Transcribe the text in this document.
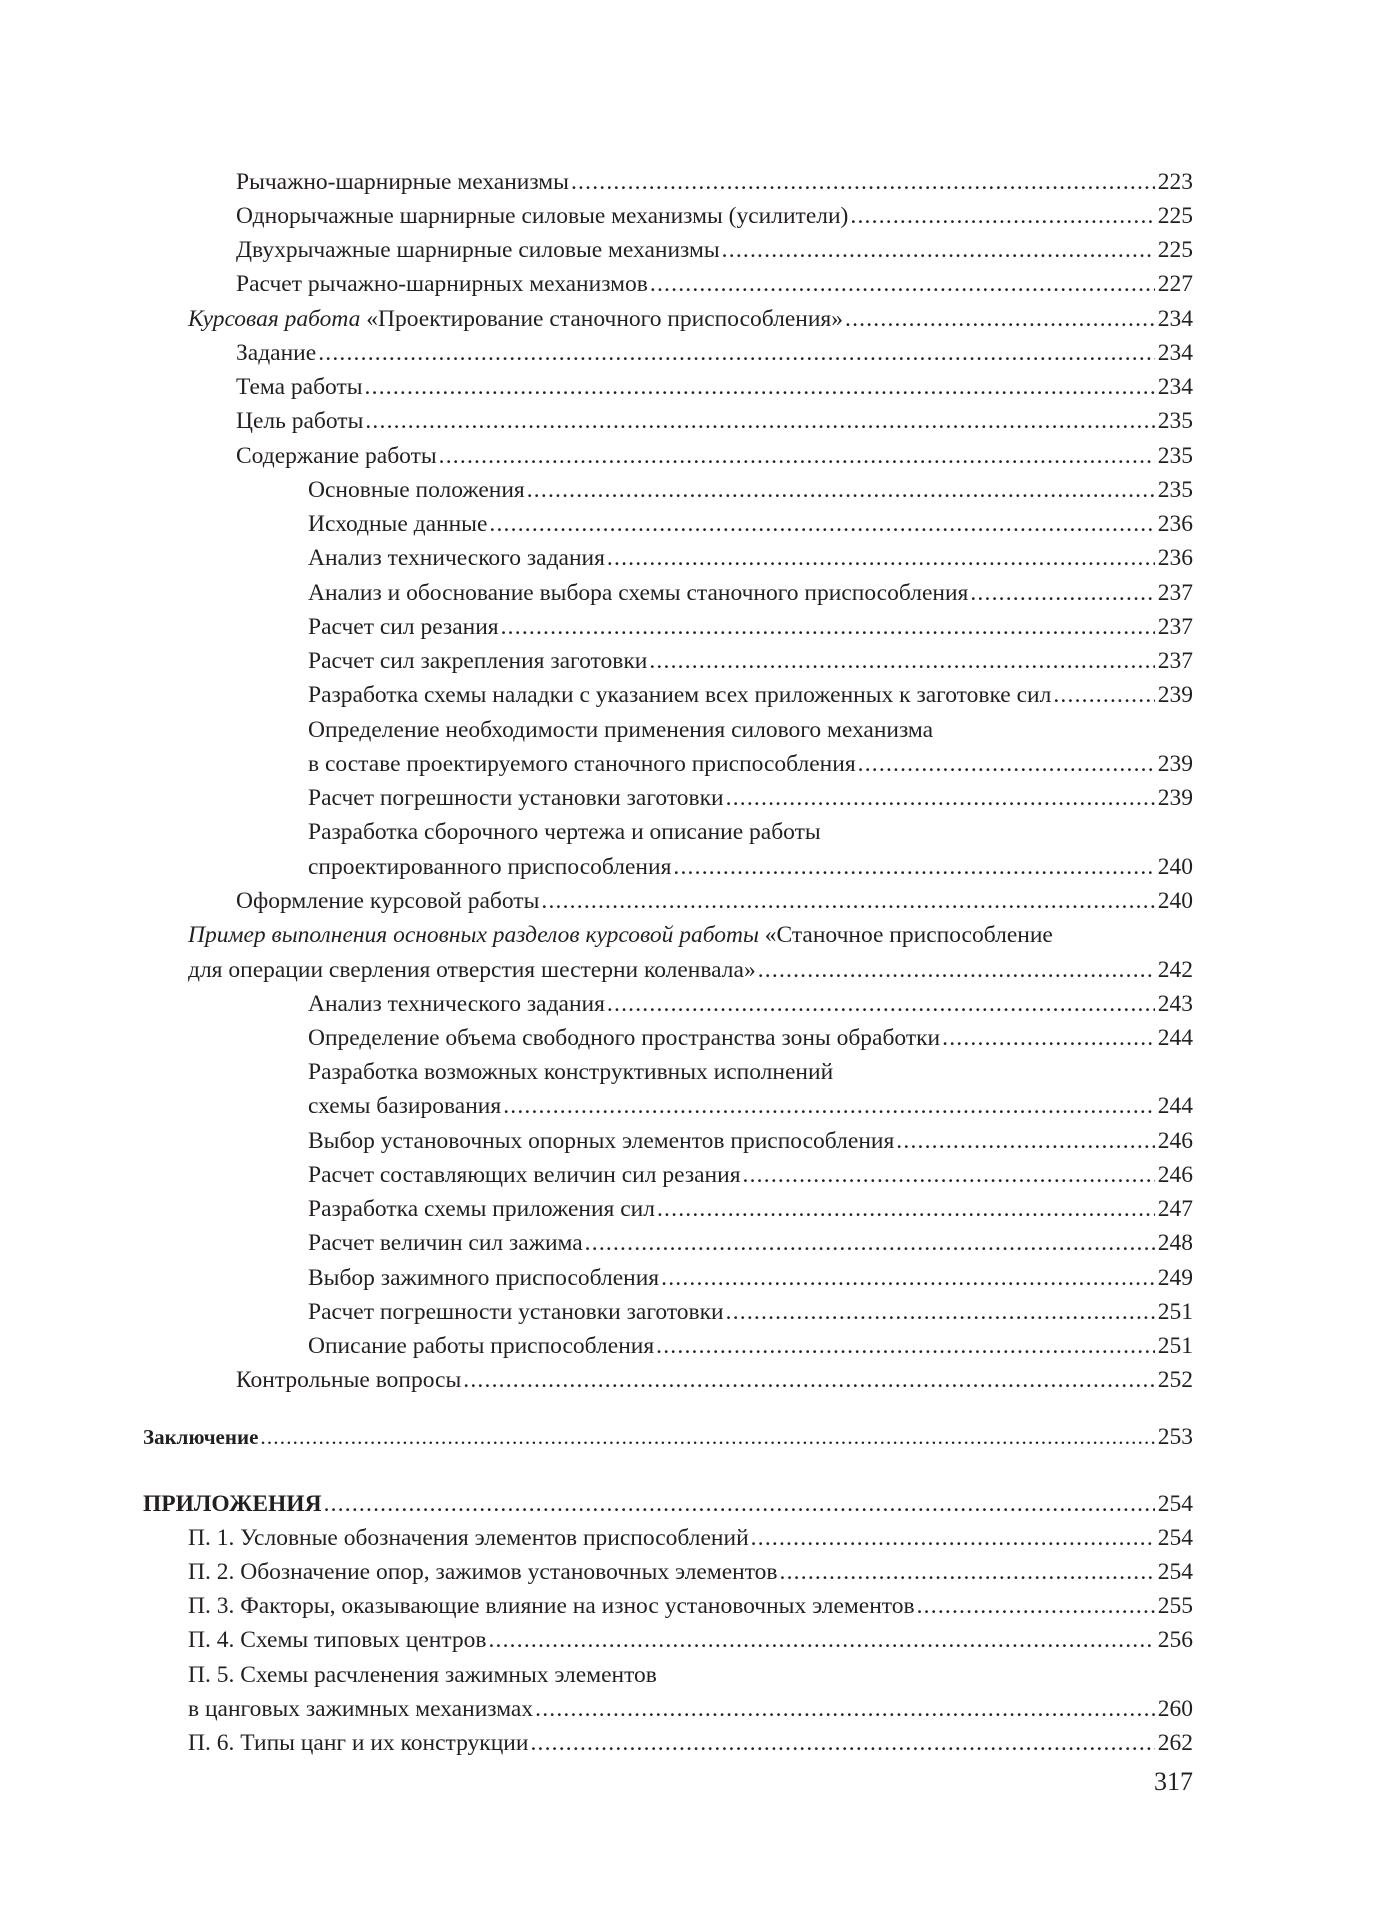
Рычажно-шарнирные механизмы .....	223
Однорычажные шарнирные силовые механизмы (усилители) .....	225
Двухрычажные шарнирные силовые механизмы .....	225
Расчет рычажно-шарнирных механизмов .....	227
Курсовая работа «Проектирование станочного приспособления» .....	234
Задание .....	234
Тема работы .....	234
Цель работы .....	235
Содержание работы .....	235
Основные положения .....	235
Исходные данные .....	236
Анализ технического задания .....	236
Анализ и обоснование выбора схемы станочного приспособления .....	237
Расчет сил резания .....	237
Расчет сил закрепления заготовки .....	237
Разработка схемы наладки с указанием всех приложенных к заготовке сил .....	239
Определение необходимости применения силового механизма
в составе проектируемого станочного приспособления .....	239
Расчет погрешности установки заготовки .....	239
Разработка сборочного чертежа и описание работы
спроектированного приспособления .....	240
Оформление курсовой работы .....	240
Пример выполнения основных разделов курсовой работы «Станочное приспособление
для операции сверления отверстия шестерни коленвала» .....	242
Анализ технического задания .....	243
Определение объема свободного пространства зоны обработки .....	244
Разработка возможных конструктивных исполнений
схемы базирования .....	244
Выбор установочных опорных элементов приспособления .....	246
Расчет составляющих величин сил резания .....	246
Разработка схемы приложения сил .....	247
Расчет величин сил зажима .....	248
Выбор зажимного приспособления .....	249
Расчет погрешности установки заготовки .....	251
Описание работы приспособления .....	251
Контрольные вопросы .....	252
Заключение .....	253
ПРИЛОЖЕНИЯ .....	254
П. 1. Условные обозначения элементов приспособлений .....	254
П. 2. Обозначение опор, зажимов установочных элементов .....	254
П. 3. Факторы, оказывающие влияние на износ установочных элементов .....	255
П. 4. Схемы типовых центров .....	256
П. 5. Схемы расчленения зажимных элементов
в цанговых зажимных механизмах .....	260
П. 6. Типы цанг и их конструкции .....	262
317
